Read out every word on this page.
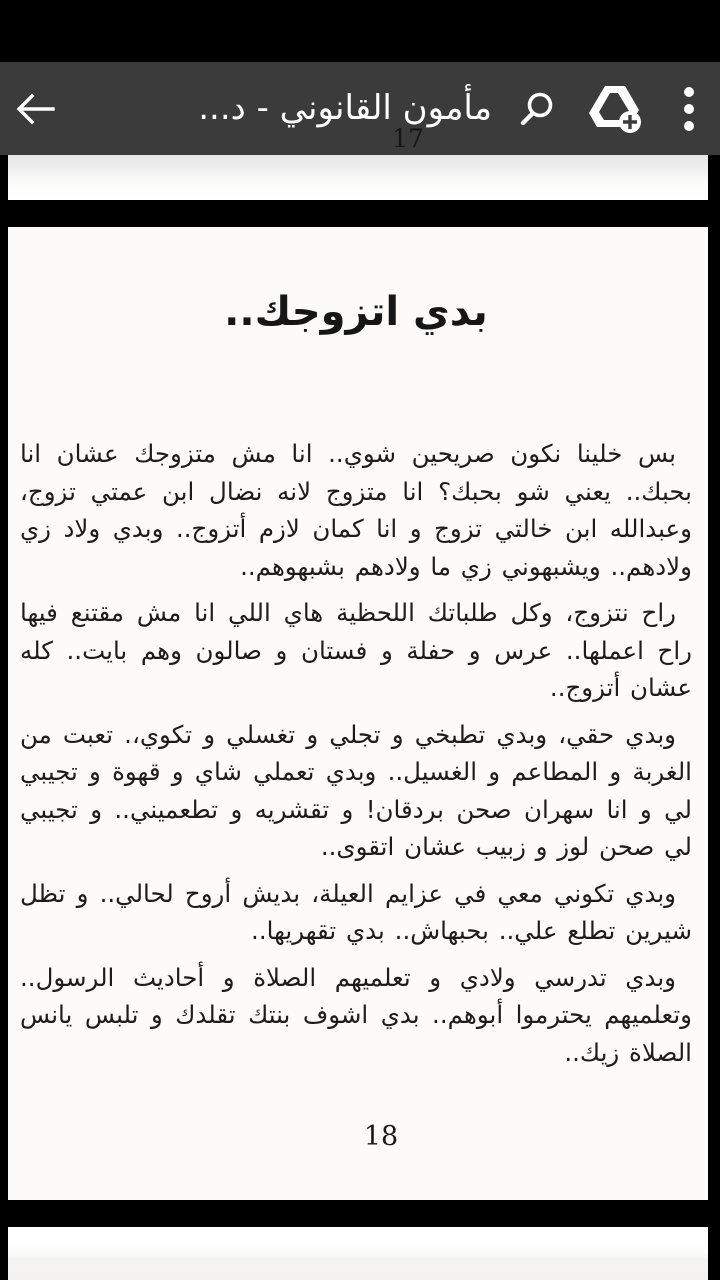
مأمون القانوني - د...
17
بدي اتزوجك..

بس خلينا نكون صريحين شوي.. انا مش متزوجك عشان انا بحبك.. يعني شو بحبك؟ انا متزوج لانه نضال ابن عمتي تزوج، وعبدالله ابن خالتي تزوج و انا كمان لازم أتزوج.. وبدي ولاد زي ولادهم.. ويشبهوني زي ما ولادهم بشبهوهم..

راح نتزوج، وكل طلباتك اللحظية هاي اللي انا مش مقتنع فيها راح اعملها.. عرس و حفلة و فستان و صالون وهم بايت.. كله عشان أتزوج..

وبدي حقي، وبدي تطبخي و تجلي و تغسلي و تكوي،. تعبت من الغربة و المطاعم و الغسيل.. وبدي تعملي شاي و قهوة و تجيبي لي و انا سهران صحن بردقان! و تقشريه و تطعميني.. و تجيبي لي صحن لوز و زبيب عشان اتقوى..

وبدي تكوني معي في عزايم العيلة، بديش أروح لحالي.. و تظل شيرين تطلع علي.. بحبهاش.. بدي تقهريها..

وبدي تدرسي ولادي و تعلميهم الصلاة و أحاديث الرسول.. وتعلميهم يحترموا أبوهم.. بدي اشوف بنتك تقلدك و تلبس يانس الصلاة زيك..

18
